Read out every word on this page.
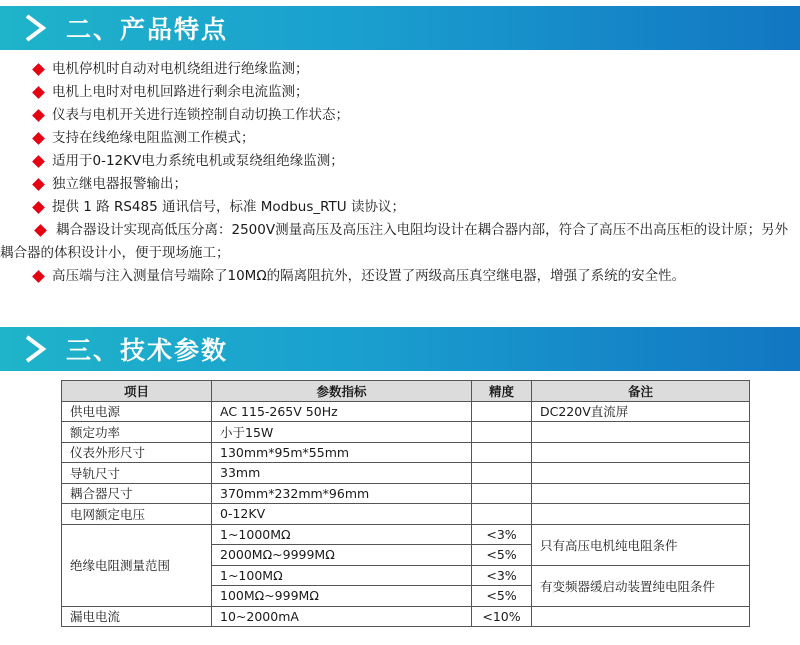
二、产品特点
电机停机时自动对电机绕组进行绝缘监测；
电机上电时对电机回路进行剩余电流监测；
仪表与电机开关进行连锁控制自动切换工作状态；
支持在线绝缘电阻监测工作模式；
适用于0-12KV电力系统电机或泵绕组绝缘监测；
独立继电器报警输出；
提供 1 路 RS485 通讯信号，标准 Modbus_RTU 读协议；
耦合器设计实现高低压分离：2500V测量高压及高压注入电阻均设计在耦合器内部，符合了高压不出高压柜的设计原；另外耦合器的体积设计小，便于现场施工；
高压端与注入测量信号端除了10MΩ的隔离阻抗外，还设置了两级高压真空继电器，增强了系统的安全性。
三、技术参数
项目	参数指标	精度	备注
供电电源	AC 115-265V 50Hz		DC220V直流屏
额定功率	小于15W		
仪表外形尺寸	130mm*95m*55mm		
导轨尺寸	33mm		
耦合器尺寸	370mm*232mm*96mm		
电网额定电压	0-12KV		
绝缘电阻测量范围	1~1000MΩ	<3%	只有高压电机纯电阻条件
	2000MΩ~9999MΩ	<5%	
	1~100MΩ	<3%	有变频器缓启动装置纯电阻条件
	100MΩ~999MΩ	<5%	
漏电电流	10~2000mA	<10%	
